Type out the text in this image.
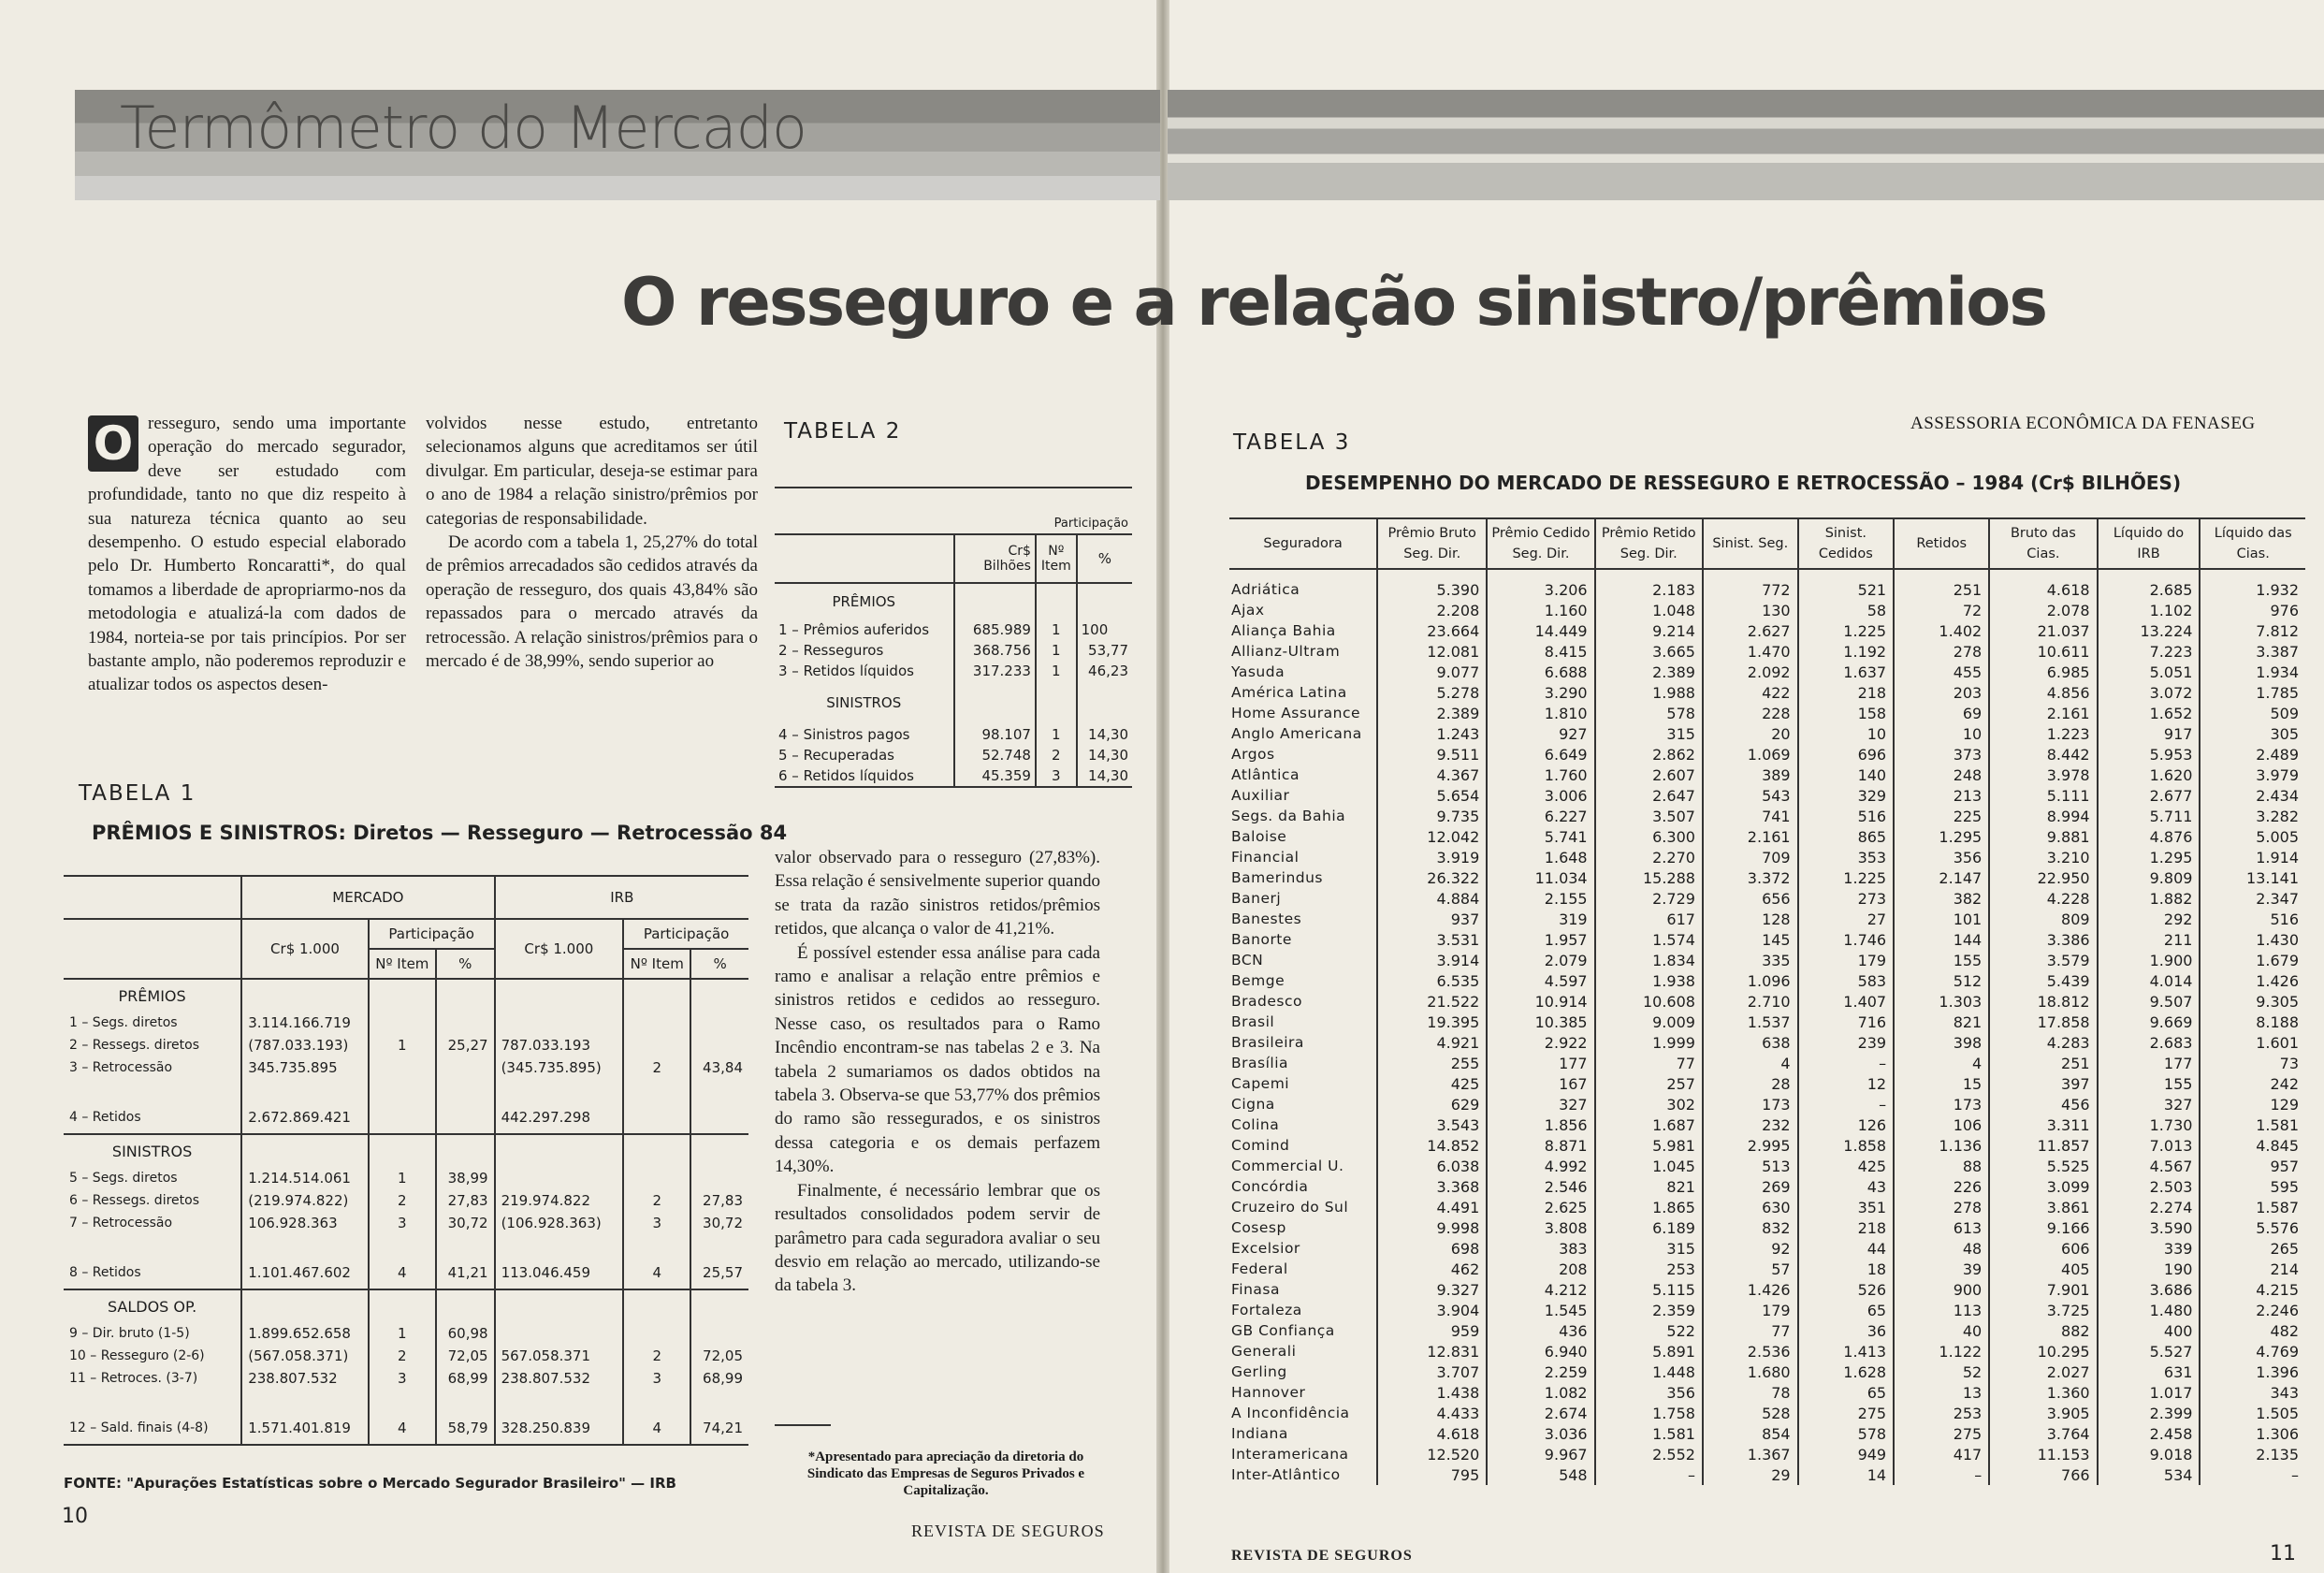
Termômetro do Mercado
O resseguro e a relação sinistro/prêmios
O resseguro, sendo uma importante operação do mercado segurador, deve ser estudado com profundidade, tanto no que diz respeito à sua natureza técnica quanto ao seu desempenho. O estudo especial elaborado pelo Dr. Humberto Roncaratti*, do qual tomamos a liberdade de apropriarmo-nos da metodologia e atualizá-la com dados de 1984, norteia-se por tais princípios. Por ser bastante amplo, não poderemos reproduzir e atualizar todos os aspectos desen-

volvidos nesse estudo, entretanto selecionamos alguns que acreditamos ser útil divulgar. Em particular, deseja-se estimar para o ano de 1984 a relação sinistro/prêmios por categorias de responsabilidade.

De acordo com a tabela 1, 25,27% do total de prêmios arrecadados são cedidos através da operação de resseguro, dos quais 43,84% são repassados para o mercado através da retrocessão. A relação sinistros/prêmios para o mercado é de 38,99%, sendo superior ao

valor observado para o resseguro (27,83%). Essa relação é sensivelmente superior quando se trata da razão sinistros retidos/prêmios retidos, que alcança o valor de 41,21%.

É possível estender essa análise para cada ramo e analisar a relação entre prêmios e sinistros retidos e cedidos ao resseguro. Nesse caso, os resultados para o Ramo Incêndio encontram-se nas tabelas 2 e 3. Na tabela 2 sumariamos os dados obtidos na tabela 3. Observa-se que 53,77% dos prêmios do ramo são ressegurados, e os sinistros dessa categoria e os demais perfazem 14,30%.

Finalmente, é necessário lembrar que os resultados consolidados podem servir de parâmetro para cada seguradora avaliar o seu desvio em relação ao mercado, utilizando-se da tabela 3.

*Apresentado para apreciação da diretoria do Sindicato das Empresas de Seguros Privados e Capitalização.
TABELA 1
PRÊMIOS E SINISTROS: Diretos — Resseguro — Retrocessão 84
	MERCADO			IRB		
	Cr$ 1.000	Participação		Cr$ 1.000	Participação	
		Nº Item	%		Nº Item	%
PRÊMIOS						
1 – Segs. diretos	3.114.166.719					
2 – Ressegs. diretos	(787.033.193)	1	25,27	787.033.193		
3 – Retrocessão	345.735.895			(345.735.895)	2	43,84

4 – Retidos	2.672.869.421			442.297.298		
SINISTROS						
5 – Segs. diretos	1.214.514.061	1	38,99			
6 – Ressegs. diretos	(219.974.822)	2	27,83	219.974.822	2	27,83
7 – Retrocessão	106.928.363	3	30,72	(106.928.363)	3	30,72

8 – Retidos	1.101.467.602	4	41,21	113.046.459	4	25,57
SALDOS OP.						
9 – Dir. bruto (1-5)	1.899.652.658	1	60,98			
10 – Resseguro (2-6)	(567.058.371)	2	72,05	567.058.371	2	72,05
11 – Retroces. (3-7)	238.807.532	3	68,99	238.807.532	3	68,99

12 – Sald. finais (4-8)	1.571.401.819	4	58,79	328.250.839	4	74,21
FONTE: "Apurações Estatísticas sobre o Mercado Segurador Brasileiro" — IRB
TABELA 2

	Participação		
	Cr$ Bilhões	Nº Item	%
PRÊMIOS			
1 – Prêmios auferidos	685.989	1	100
2 – Resseguros	368.756	1	53,77
3 – Retidos líquidos	317.233	1	46,23
SINISTROS			
4 – Sinistros pagos	98.107	1	14,30
5 – Recuperadas	52.748	2	14,30
6 – Retidos líquidos	45.359	3	14,30
ASSESSORIA ECONÔMICA DA FENASEG
TABELA 3
DESEMPENHO DO MERCADO DE RESSEGURO E RETROCESSÃO – 1984 (Cr$ BILHÕES)
Seguradora	Prêmio Bruto Seg. Dir.	Prêmio Cedido Seg. Dir.	Prêmio Retido Seg. Dir.	Sinist. Seg.	Sinist. Cedidos	Retidos	Bruto das Cias.	Líquido do IRB	Líquido das Cias.
Adriática	5.390	3.206	2.183	772	521	251	4.618	2.685	1.932
Ajax	2.208	1.160	1.048	130	58	72	2.078	1.102	976
Aliança Bahia	23.664	14.449	9.214	2.627	1.225	1.402	21.037	13.224	7.812
Allianz-Ultram	12.081	8.415	3.665	1.470	1.192	278	10.611	7.223	3.387
Yasuda	9.077	6.688	2.389	2.092	1.637	455	6.985	5.051	1.934
América Latina	5.278	3.290	1.988	422	218	203	4.856	3.072	1.785
Home Assurance	2.389	1.810	578	228	158	69	2.161	1.652	509
Anglo Americana	1.243	927	315	20	10	10	1.223	917	305
Argos	9.511	6.649	2.862	1.069	696	373	8.442	5.953	2.489
Atlântica	4.367	1.760	2.607	389	140	248	3.978	1.620	3.979
Auxiliar	5.654	3.006	2.647	543	329	213	5.111	2.677	2.434
Segs. da Bahia	9.735	6.227	3.507	741	516	225	8.994	5.711	3.282
Baloise	12.042	5.741	6.300	2.161	865	1.295	9.881	4.876	5.005
Financial	3.919	1.648	2.270	709	353	356	3.210	1.295	1.914
Bamerindus	26.322	11.034	15.288	3.372	1.225	2.147	22.950	9.809	13.141
Banerj	4.884	2.155	2.729	656	273	382	4.228	1.882	2.347
Banestes	937	319	617	128	27	101	809	292	516
Banorte	3.531	1.957	1.574	145	1.746	144	3.386	211	1.430
BCN	3.914	2.079	1.834	335	179	155	3.579	1.900	1.679
Bemge	6.535	4.597	1.938	1.096	583	512	5.439	4.014	1.426
Bradesco	21.522	10.914	10.608	2.710	1.407	1.303	18.812	9.507	9.305
Brasil	19.395	10.385	9.009	1.537	716	821	17.858	9.669	8.188
Brasileira	4.921	2.922	1.999	638	239	398	4.283	2.683	1.601
Brasília	255	177	77	4	–	4	251	177	73
Capemi	425	167	257	28	12	15	397	155	242
Cigna	629	327	302	173	–	173	456	327	129
Colina	3.543	1.856	1.687	232	126	106	3.311	1.730	1.581
Comind	14.852	8.871	5.981	2.995	1.858	1.136	11.857	7.013	4.845
Commercial U.	6.038	4.992	1.045	513	425	88	5.525	4.567	957
Concórdia	3.368	2.546	821	269	43	226	3.099	2.503	595
Cruzeiro do Sul	4.491	2.625	1.865	630	351	278	3.861	2.274	1.587
Cosesp	9.998	3.808	6.189	832	218	613	9.166	3.590	5.576
Excelsior	698	383	315	92	44	48	606	339	265
Federal	462	208	253	57	18	39	405	190	214
Finasa	9.327	4.212	5.115	1.426	526	900	7.901	3.686	4.215
Fortaleza	3.904	1.545	2.359	179	65	113	3.725	1.480	2.246
GB Confiança	959	436	522	77	36	40	882	400	482
Generali	12.831	6.940	5.891	2.536	1.413	1.122	10.295	5.527	4.769
Gerling	3.707	2.259	1.448	1.680	1.628	52	2.027	631	1.396
Hannover	1.438	1.082	356	78	65	13	1.360	1.017	343
A Inconfidência	4.433	2.674	1.758	528	275	253	3.905	2.399	1.505
Indiana	4.618	3.036	1.581	854	578	275	3.764	2.458	1.306
Interamericana	12.520	9.967	2.552	1.367	949	417	11.153	9.018	2.135
Inter-Atlântico	795	548	–	29	14	–	766	534	–
10
REVISTA DE SEGUROS
REVISTA DE SEGUROS	11
